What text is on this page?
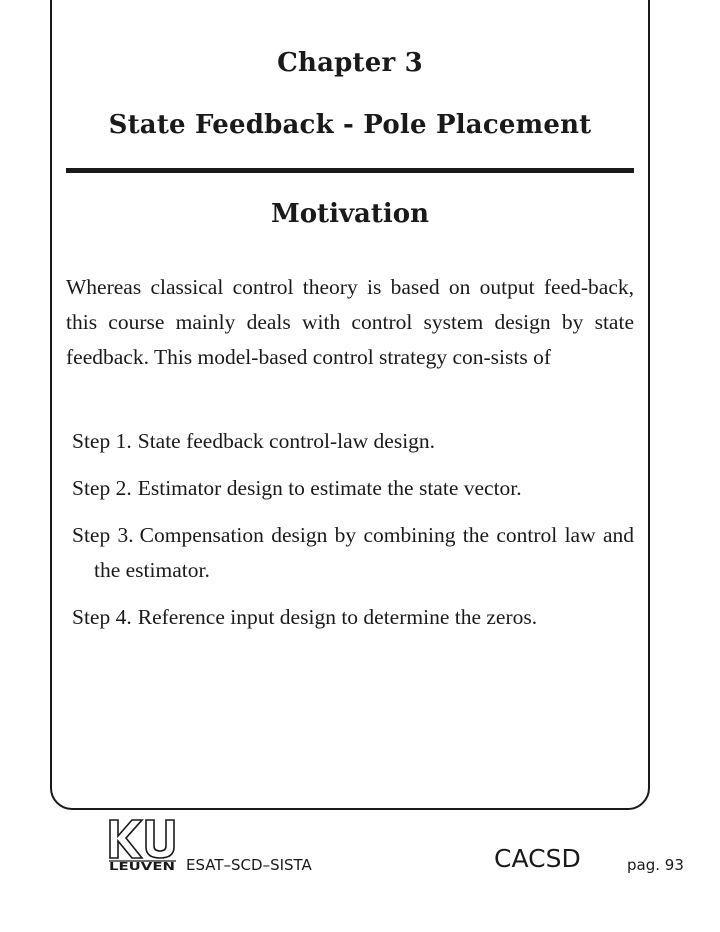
Chapter 3
State Feedback - Pole Placement
Motivation

Whereas classical control theory is based on output feed-back, this course mainly deals with control system design by state feedback. This model-based control strategy con-sists of

Step 1. State feedback control-law design.
Step 2. Estimator design to estimate the state vector.
Step 3. Compensation design by combining the control law and the estimator.
Step 4. Reference input design to determine the zeros.
LEUVEN ESAT–SCD–SISTA	CACSD	pag. 93
